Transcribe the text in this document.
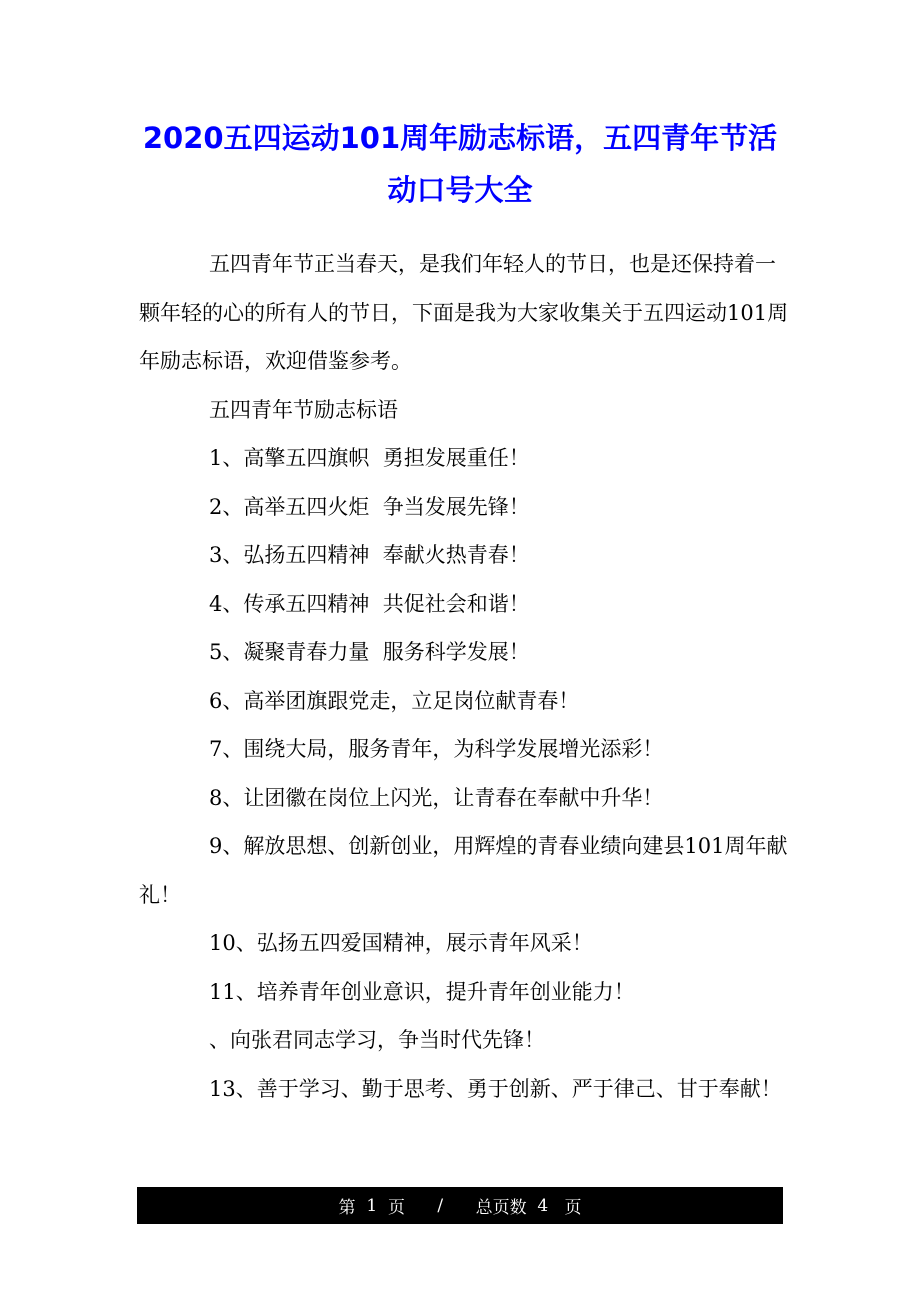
2020五四运动101周年励志标语，五四青年节活动口号大全

五四青年节正当春天，是我们年轻人的节日，也是还保持着一颗年轻的心的所有人的节日，下面是我为大家收集关于五四运动101周年励志标语，欢迎借鉴参考。

五四青年节励志标语

1、高擎五四旗帜  勇担发展重任！

2、高举五四火炬  争当发展先锋！

3、弘扬五四精神  奉献火热青春！

4、传承五四精神  共促社会和谐！

5、凝聚青春力量  服务科学发展！

6、高举团旗跟党走，立足岗位献青春！

7、围绕大局，服务青年，为科学发展增光添彩！

8、让团徽在岗位上闪光，让青春在奉献中升华！

9、解放思想、创新创业，用辉煌的青春业绩向建县101周年献礼！

10、弘扬五四爱国精神，展示青年风采！

11、培养青年创业意识，提升青年创业能力！

、向张君同志学习，争当时代先锋！

13、善于学习、勤于思考、勇于创新、严于律己、甘于奉献！

第
1
页
/
总页数
4
页
